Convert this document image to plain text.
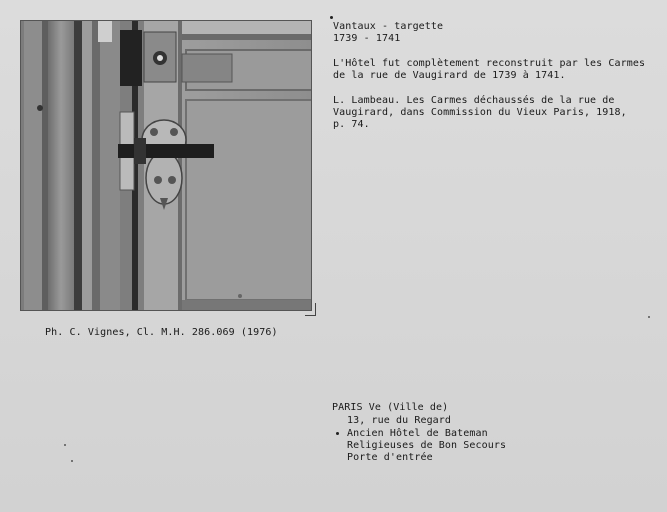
Vantaux - targette
1739 - 1741
L'Hôtel fut complètement reconstruit par les Carmes
de la rue de Vaugirard de 1739 à 1741.
L. Lambeau. Les Carmes déchaussés de la rue de
Vaugirard, dans Commission du Vieux Paris, 1918,
p. 74.
Ph. C. Vignes, Cl. M.H. 286.069 (1976)
PARIS Ve (Ville de)
13, rue du Regard
Ancien Hôtel de Bateman
Religieuses de Bon Secours
Porte d'entrée
